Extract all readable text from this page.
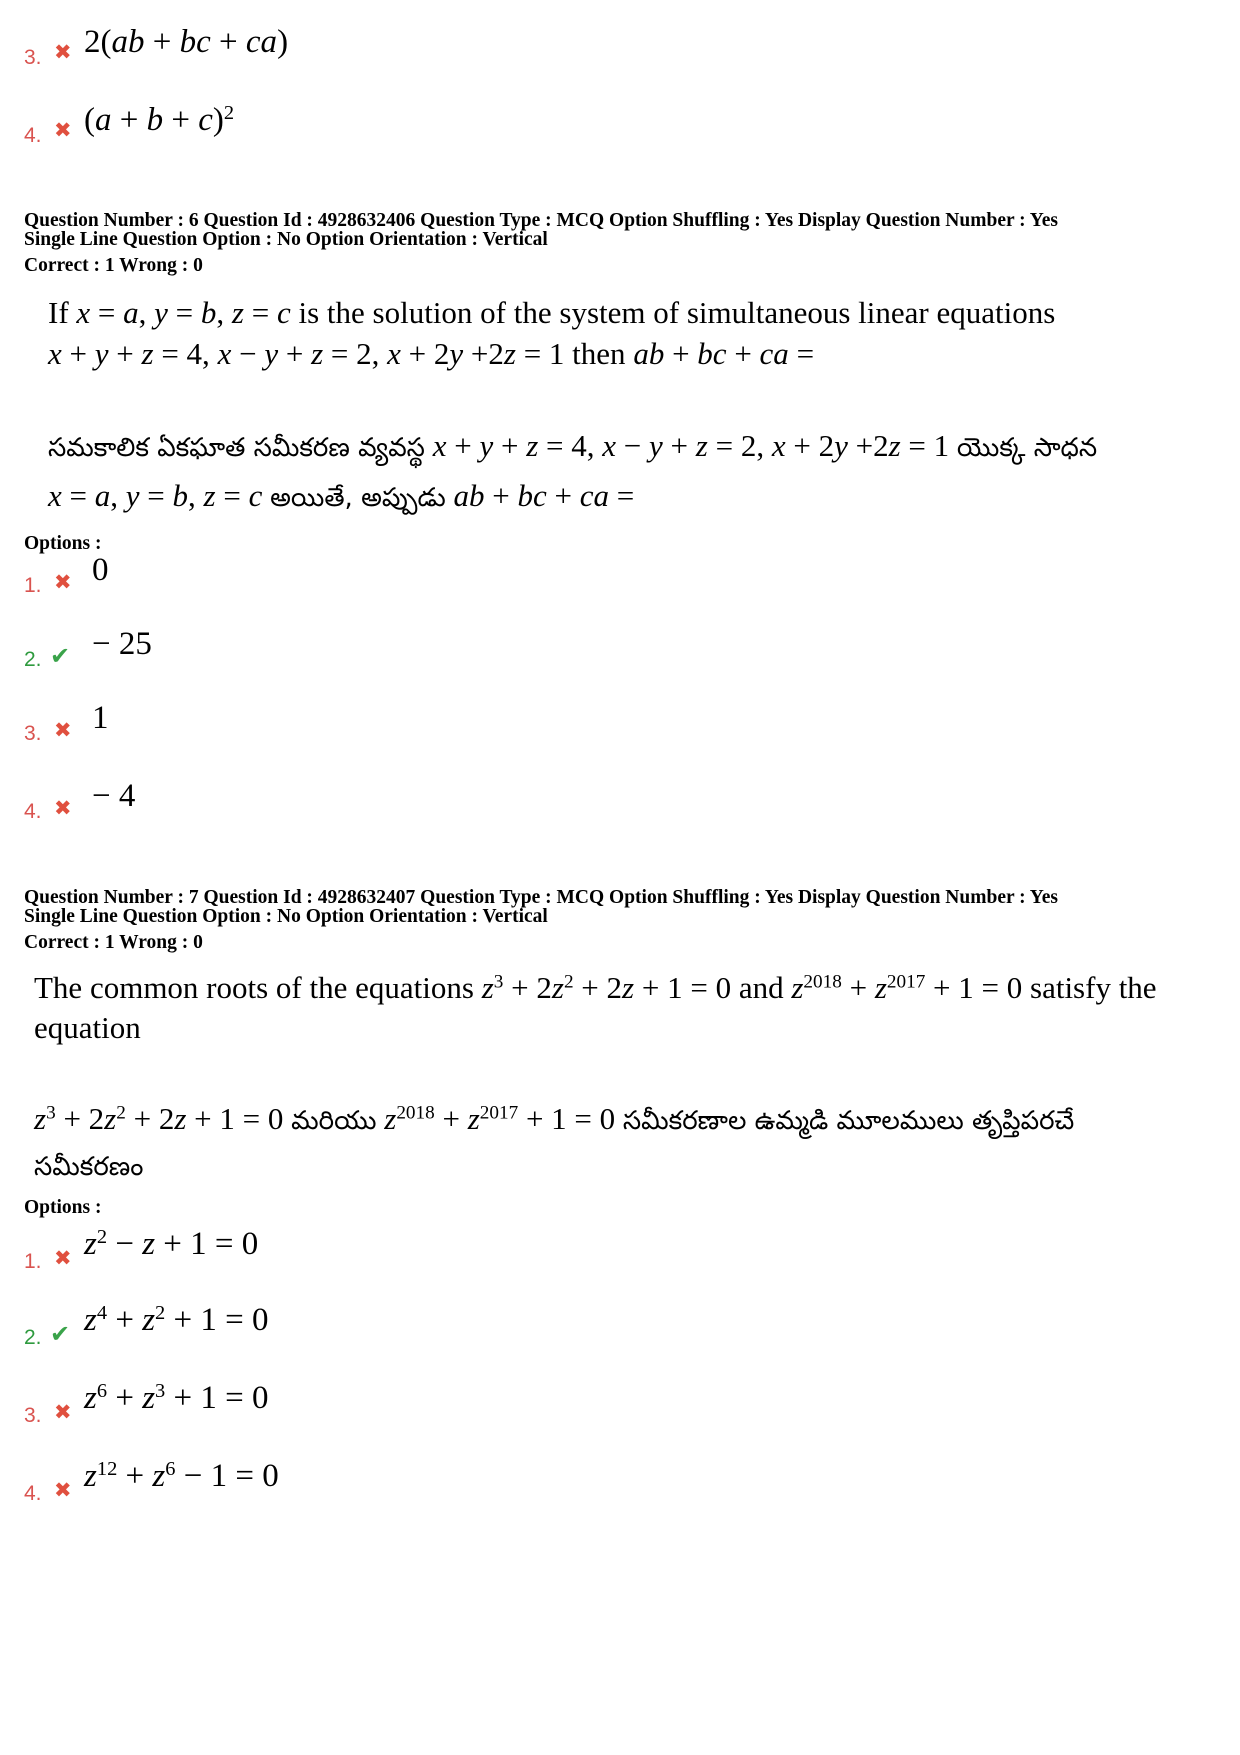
3. ✖ 2(ab + bc + ca)
4. ✖ $(a + b + c)^2$
Question Number : 6 Question Id : 4928632406 Question Type : MCQ Option Shuffling : Yes Display Question Number : Yes
Single Line Question Option : No Option Orientation : Vertical
Correct : 1 Wrong : 0
If x = a, y = b, z = c is the solution of the system of simultaneous linear equations
x + y + z = 4, x − y + z = 2, x + 2y +2z = 1 then ab + bc + ca =
సమకాలిక ఏకఘాత సమీకరణ వ్యవస్థ x + y + z = 4, x − y + z = 2, x + 2y +2z = 1 యొక్క సాధన
x = a, y = b, z = c అయితే, అప్పుడు ab + bc + ca =
Options :
1. ✖ 0
2. ✔ − 25
3. ✖ 1
4. ✖ − 4
Question Number : 7 Question Id : 4928632407 Question Type : MCQ Option Shuffling : Yes Display Question Number : Yes
Single Line Question Option : No Option Orientation : Vertical
Correct : 1 Wrong : 0
The common roots of the equations $z^3 + 2z^2 + 2z + 1 = 0$ and $z^{2018} + z^{2017} + 1 = 0$ satisfy the
equation
$z^3 + 2z^2 + 2z + 1 = 0$ మరియు $z^{2018} + z^{2017} + 1 = 0$ సమీకరణాల ఉమ్మడి మూలములు తృప్తిపరచే
సమీకరణం
Options :
1. ✖ $z^2 - z + 1 = 0$
2. ✔ $z^4 + z^2 + 1 = 0$
3. ✖ $z^6 + z^3 + 1 = 0$
4. ✖ $z^{12} + z^6 - 1 = 0$
